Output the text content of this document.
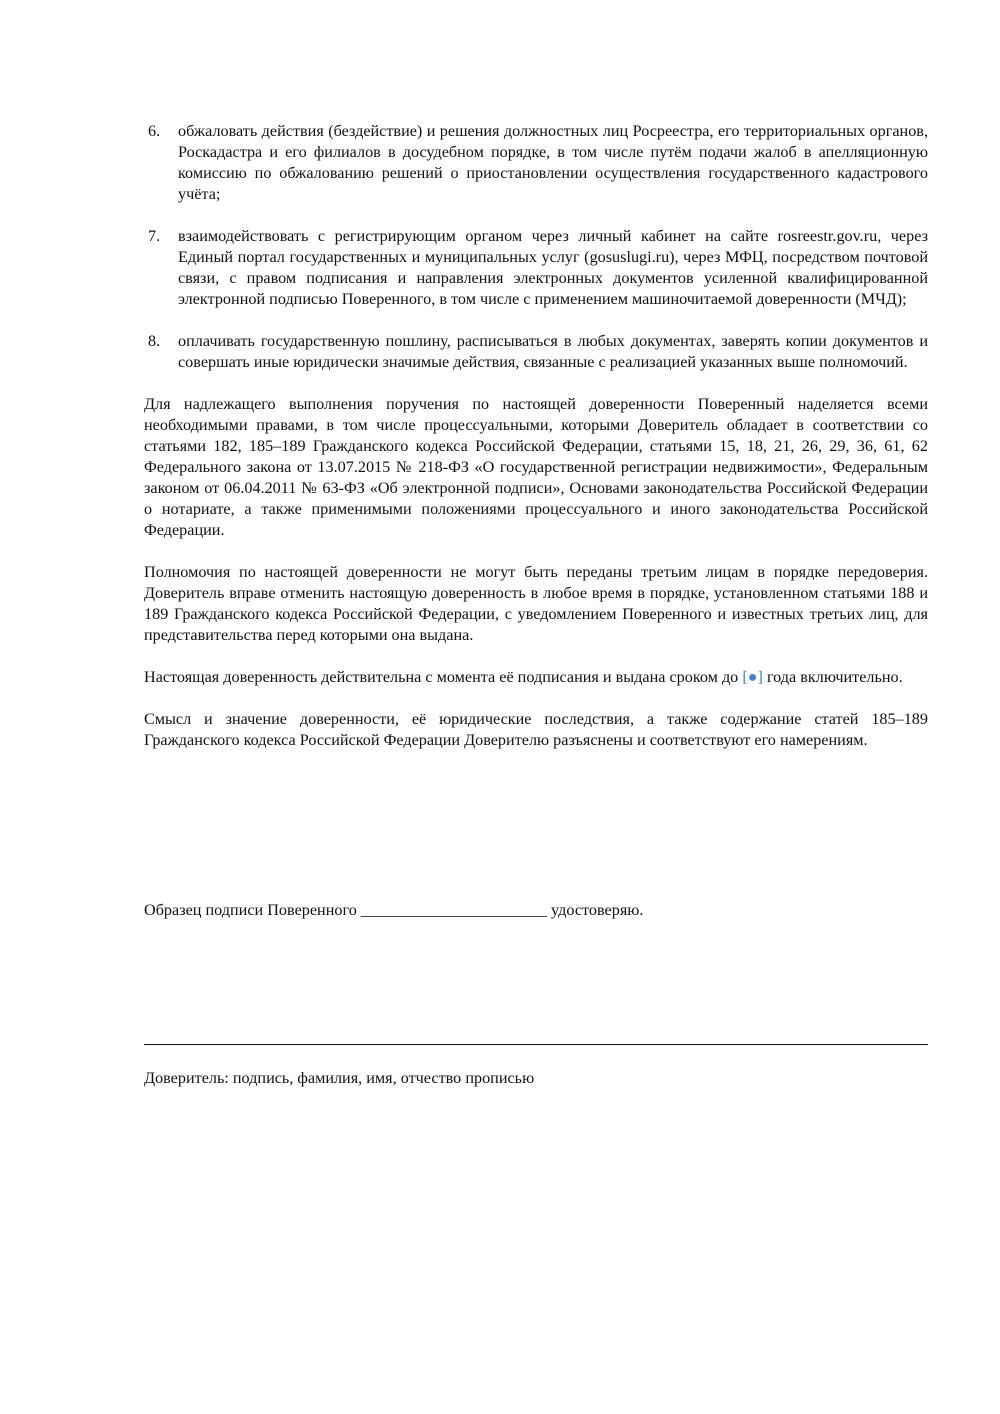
6. обжаловать действия (бездействие) и решения должностных лиц Росреестра, его территориальных органов, Роскадастра и его филиалов в досудебном порядке, в том числе путём подачи жалоб в апелляционную комиссию по обжалованию решений о приостановлении осуществления государственного кадастрового учёта;
7. взаимодействовать с регистрирующим органом через личный кабинет на сайте rosreestr.gov.ru, через Единый портал государственных и муниципальных услуг (gosuslugi.ru), через МФЦ, посредством почтовой связи, с правом подписания и направления электронных документов усиленной квалифицированной электронной подписью Поверенного, в том числе с применением машиночитаемой доверенности (МЧД);
8. оплачивать государственную пошлину, расписываться в любых документах, заверять копии документов и совершать иные юридически значимые действия, связанные с реализацией указанных выше полномочий.

Для надлежащего выполнения поручения по настоящей доверенности Поверенный наделяется всеми необходимыми правами, в том числе процессуальными, которыми Доверитель обладает в соответствии со статьями 182, 185–189 Гражданского кодекса Российской Федерации, статьями 15, 18, 21, 26, 29, 36, 61, 62 Федерального закона от 13.07.2015 № 218-ФЗ «О государственной регистрации недвижимости», Федеральным законом от 06.04.2011 № 63-ФЗ «Об электронной подписи», Основами законодательства Российской Федерации о нотариате, а также применимыми положениями процессуального и иного законодательства Российской Федерации.

Полномочия по настоящей доверенности не могут быть переданы третьим лицам в порядке передоверия. Доверитель вправе отменить настоящую доверенность в любое время в порядке, установленном статьями 188 и 189 Гражданского кодекса Российской Федерации, с уведомлением Поверенного и известных третьих лиц, для представительства перед которыми она выдана.

Настоящая доверенность действительна с момента её подписания и выдана сроком до [●] года включительно.

Смысл и значение доверенности, её юридические последствия, а также содержание статей 185–189 Гражданского кодекса Российской Федерации Доверителю разъяснены и соответствуют его намерениям.

Образец подписи Поверенного _______________________ удостоверяю.
Доверитель: подпись, фамилия, имя, отчество прописью
